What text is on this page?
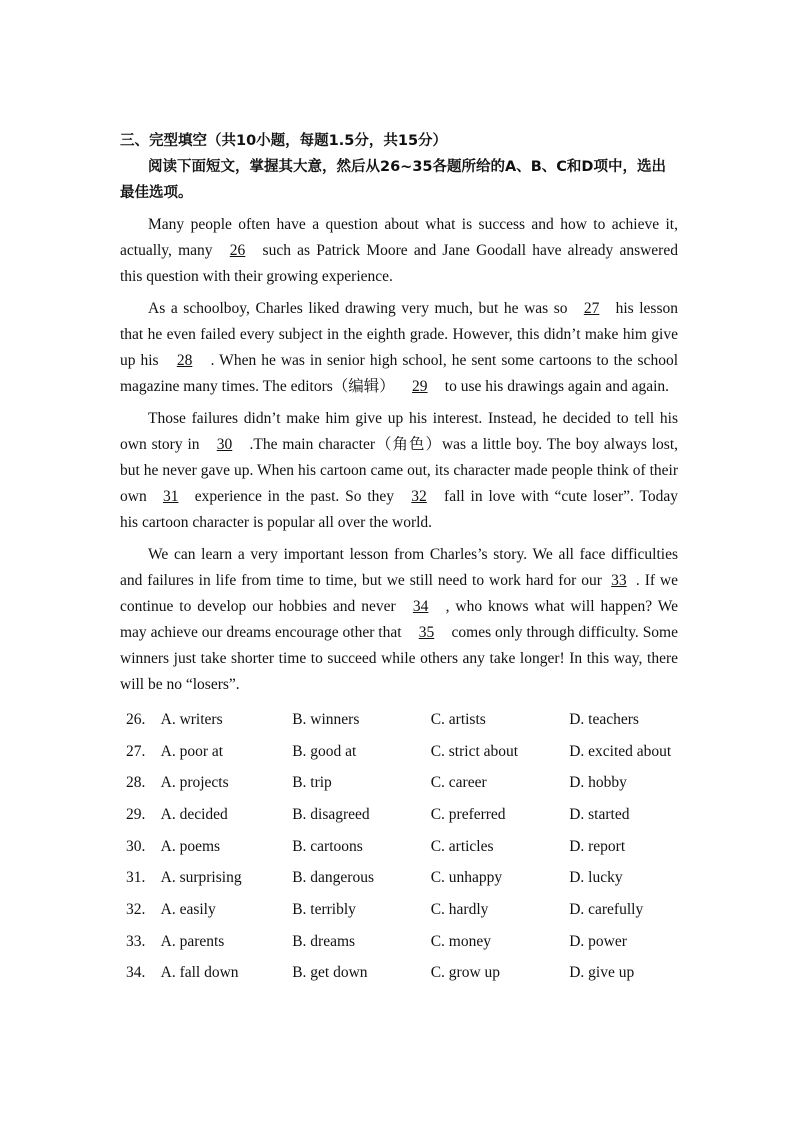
三、完型填空（共10小题，每题1.5分，共15分）

阅读下面短文，掌握其大意，然后从26~35各题所给的A、B、C和D项中，选出最佳选项。

Many people often have a question about what is success and how to achieve it, actually, many 26 such as Patrick Moore and Jane Goodall have already answered this question with their growing experience.

As a schoolboy, Charles liked drawing very much, but he was so 27 his lesson that he even failed every subject in the eighth grade. However, this didn’t make him give up his 28 . When he was in senior high school, he sent some cartoons to the school magazine many times. The editors（编辑） 29 to use his drawings again and again.

Those failures didn’t make him give up his interest. Instead, he decided to tell his own story in 30 .The main character（角色）was a little boy. The boy always lost, but he never gave up. When his cartoon came out, its character made people think of their own 31 experience in the past. So they 32 fall in love with “cute loser”. Today his cartoon character is popular all over the world.

We can learn a very important lesson from Charles’s story. We all face difficulties and failures in life from time to time, but we still need to work hard for our 33 . If we continue to develop our hobbies and never 34 , who knows what will happen? We may achieve our dreams encourage other that 35 comes only through difficulty. Some winners just take shorter time to succeed while others any take longer! In this way, there will be no “losers”.

26. A. writers	B. winners	C. artists	D. teachers
27. A. poor at	B. good at	C. strict about	D. excited about
28. A. projects	B. trip	C. career	D. hobby
29. A. decided	B. disagreed	C. preferred	D. started
30. A. poems	B. cartoons	C. articles	D. report
31. A. surprising	B. dangerous	C. unhappy	D. lucky
32. A. easily	B. terribly	C. hardly	D. carefully
33. A. parents	B. dreams	C. money	D. power
34. A. fall down	B. get down	C. grow up	D. give up
